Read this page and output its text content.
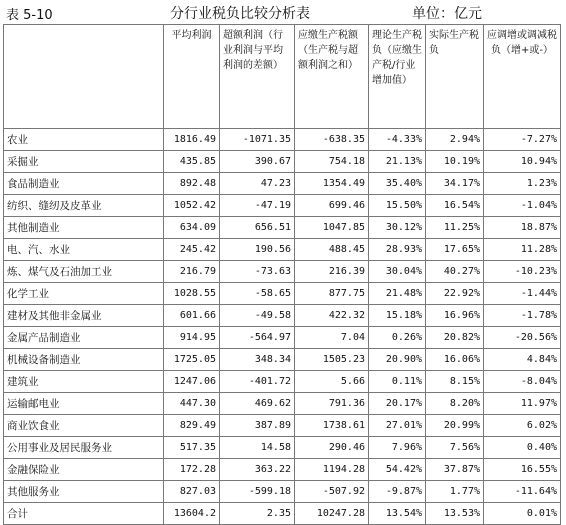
表 5-10	分行业税负比较分析表	单位：亿元
	平均利润	超额利润（行业利润与平均利润的差额）	应缴生产税额（生产税与超额利润之和）	理论生产税负（应缴生产税/行业增加值）	实际生产税负	应调增或调减税负（增+或-）
农业	1816.49	-1071.35	-638.35	-4.33%	2.94%	-7.27%
采掘业	435.85	390.67	754.18	21.13%	10.19%	10.94%
食品制造业	892.48	47.23	1354.49	35.40%	34.17%	1.23%
纺织、缝纫及皮革业	1052.42	-47.19	699.46	15.50%	16.54%	-1.04%
其他制造业	634.09	656.51	1047.85	30.12%	11.25%	18.87%
电、汽、水业	245.42	190.56	488.45	28.93%	17.65%	11.28%
炼、煤气及石油加工业	216.79	-73.63	216.39	30.04%	40.27%	-10.23%
化学工业	1028.55	-58.65	877.75	21.48%	22.92%	-1.44%
建材及其他非金属业	601.66	-49.58	422.32	15.18%	16.96%	-1.78%
金属产品制造业	914.95	-564.97	7.04	0.26%	20.82%	-20.56%
机械设备制造业	1725.05	348.34	1505.23	20.90%	16.06%	4.84%
建筑业	1247.06	-401.72	5.66	0.11%	8.15%	-8.04%
运输邮电业	447.30	469.62	791.36	20.17%	8.20%	11.97%
商业饮食业	829.49	387.89	1738.61	27.01%	20.99%	6.02%
公用事业及居民服务业	517.35	14.58	290.46	7.96%	7.56%	0.40%
金融保险业	172.28	363.22	1194.28	54.42%	37.87%	16.55%
其他服务业	827.03	-599.18	-507.92	-9.87%	1.77%	-11.64%
合计	13604.2	2.35	10247.28	13.54%	13.53%	0.01%
